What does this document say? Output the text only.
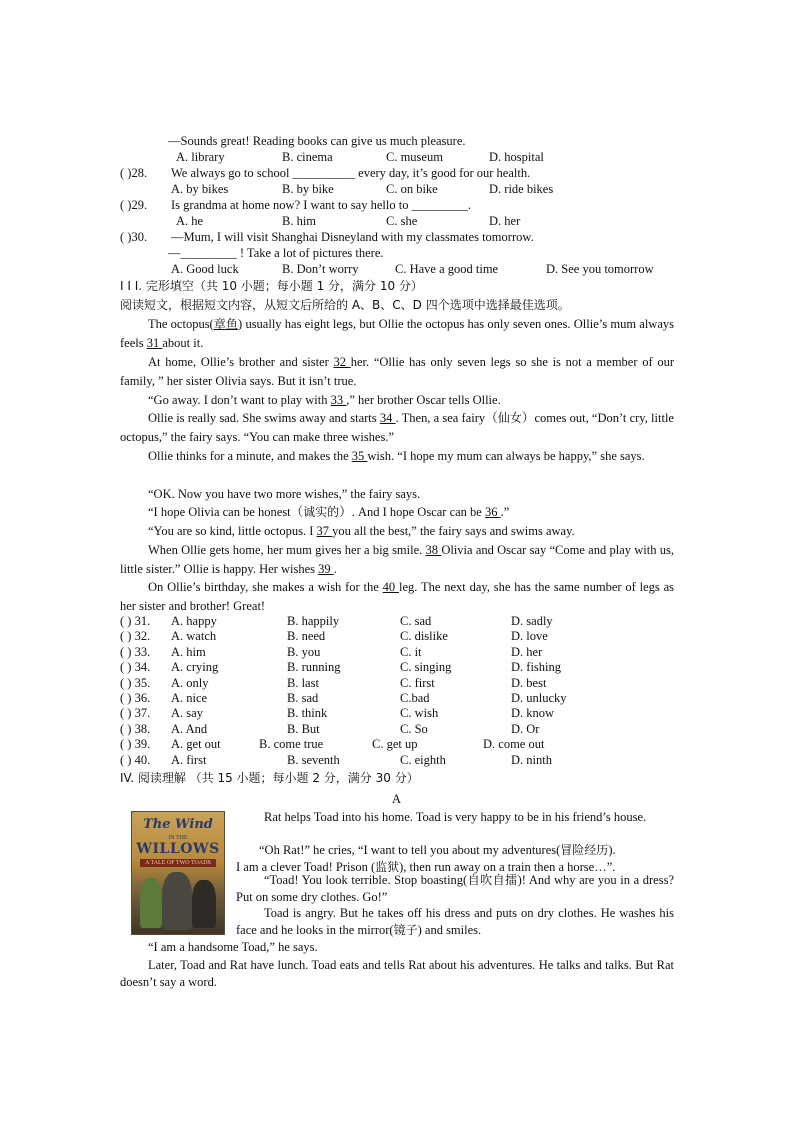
—Sounds great! Reading books can give us much pleasure.
A. library	B. cinema	C. museum	D. hospital
( )28. We always go to school __________ every day, it’s good for our health.
A. by bikes	B. by bike	C. on bike	D. ride bikes
( )29. Is grandma at home now? I want to say hello to _________.
A. he	B. him	C. she	D. her
( )30. —Mum, I will visit Shanghai Disneyland with my classmates tomorrow.
—_________ ! Take a lot of pictures there.
A. Good luck	B. Don’t worry	C. Have a good time	D. See you tomorrow
I I I. 完形填空（共 10 小题；每小题 1 分，满分 10 分）
阅读短文，根据短文内容，从短文后所给的 A、B、C、D 四个选项中选择最佳选项。
The octopus(章鱼) usually has eight legs, but Ollie the octopus has only seven ones. Ollie’s mum always feels 31 about it.
At home, Ollie’s brother and sister 32 her. “Ollie has only seven legs so she is not a member of our family, ” her sister Olivia says. But it isn’t true.
“Go away. I don’t want to play with 33 ,” her brother Oscar tells Ollie.
Ollie is really sad. She swims away and starts 34 . Then, a sea fairy（仙女）comes out, “Don’t cry, little octopus,” the fairy says. “You can make three wishes.”
Ollie thinks for a minute, and makes the 35 wish. “I hope my mum can always be happy,” she says.
“OK. Now you have two more wishes,” the fairy says.
“I hope Olivia can be honest（诚实的）. And I hope Oscar can be 36 .”
“You are so kind, little octopus. I 37 you all the best,” the fairy says and swims away.
When Ollie gets home, her mum gives her a big smile. 38 Olivia and Oscar say “Come and play with us, little sister.” Ollie is happy. Her wishes 39 .
On Ollie’s birthday, she makes a wish for the 40 leg. The next day, she has the same number of legs as her sister and brother! Great!
( ) 31. A. happy	B. happily	C. sad	D. sadly
( ) 32. A. watch	B. need	C. dislike	D. love
( ) 33. A. him	B. you	C. it	D. her
( ) 34. A. crying	B. running	C. singing	D. fishing
( ) 35. A. only	B. last	C. first	D. best
( ) 36. A. nice	B. sad	C.bad	D. unlucky
( ) 37. A. say	B. think	C. wish	D. know
( ) 38. A. And	B. But	C. So	D. Or
( ) 39. A. get out	B. come true	C. get up	D. come out
( ) 40. A. first	B. seventh	C. eighth	D. ninth
IV. 阅读理解 （共 15 小题；每小题 2 分，满分 30 分）
A
The Wind
IN THE
WILLOWS
A TALE OF TWO TOADS
Rat helps Toad into his home. Toad is very happy to be in his friend’s house.
“Oh Rat!” he cries, “I want to tell you about my adventures(冒险经历).
I am a clever Toad! Prison (监狱), then run away on a train then a horse…”.
“Toad! You look terrible. Stop boasting(自吹自擂)! And why are you in a dress? Put on some dry clothes. Go!”
Toad is angry. But he takes off his dress and puts on dry clothes. He washes his face and he looks in the mirror(镜子) and smiles.
“I am a handsome Toad,” he says.
Later, Toad and Rat have lunch. Toad eats and tells Rat about his adventures. He talks and talks. But Rat doesn’t say a word.
